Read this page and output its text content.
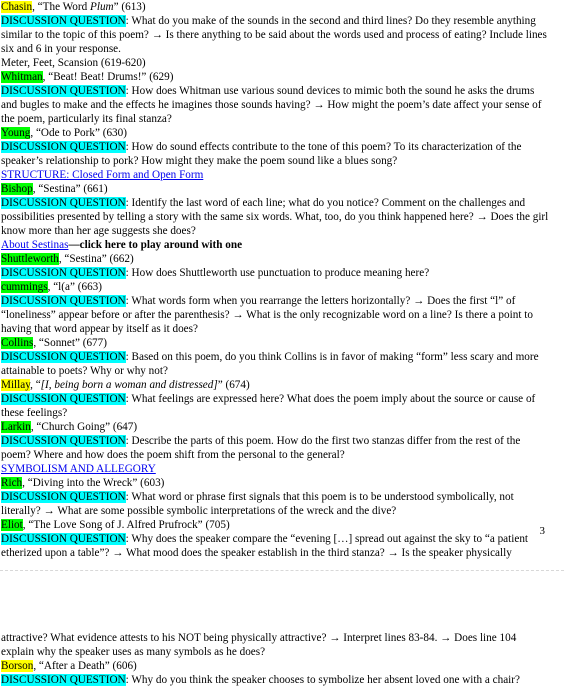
Chasin, “The Word Plum” (613)
DISCUSSION QUESTION: What do you make of the sounds in the second and third lines? Do they resemble anything similar to the topic of this poem? → Is there anything to be said about the words used and process of eating? Include lines six and 6 in your response.
Meter, Feet, Scansion (619-620)
Whitman, “Beat! Beat! Drums!” (629)
DISCUSSION QUESTION: How does Whitman use various sound devices to mimic both the sound he asks the drums and bugles to make and the effects he imagines those sounds having? → How might the poem’s date affect your sense of the poem, particularly its final stanza?
Young, “Ode to Pork” (630)
DISCUSSION QUESTION: How do sound effects contribute to the tone of this poem? To its characterization of the speaker’s relationship to pork? How might they make the poem sound like a blues song?
STRUCTURE: Closed Form and Open Form
Bishop, “Sestina” (661)
DISCUSSION QUESTION: Identify the last word of each line; what do you notice? Comment on the challenges and possibilities presented by telling a story with the same six words. What, too, do you think happened here? → Does the girl know more than her age suggests she does?
About Sestinas—click here to play around with one
Shuttleworth, “Sestina” (662)
DISCUSSION QUESTION: How does Shuttleworth use punctuation to produce meaning here?
cummings, “l(a” (663)
DISCUSSION QUESTION: What words form when you rearrange the letters horizontally? → Does the first “l” of “loneliness” appear before or after the parenthesis? → What is the only recognizable word on a line? Is there a point to having that word appear by itself as it does?
Collins, “Sonnet” (677)
DISCUSSION QUESTION: Based on this poem, do you think Collins is in favor of making “form” less scary and more attainable to poets? Why or why not?
Millay, “[I, being born a woman and distressed]” (674)
DISCUSSION QUESTION: What feelings are expressed here? What does the poem imply about the source or cause of these feelings?
Larkin, “Church Going” (647)
DISCUSSION QUESTION: Describe the parts of this poem. How do the first two stanzas differ from the rest of the poem? Where and how does the poem shift from the personal to the general?
SYMBOLISM AND ALLEGORY
Rich, “Diving into the Wreck” (603)
DISCUSSION QUESTION: What word or phrase first signals that this poem is to be understood symbolically, not literally? → What are some possible symbolic interpretations of the wreck and the dive?
Eliot, “The Love Song of J. Alfred Prufrock” (705)
DISCUSSION QUESTION: Why does the speaker compare the “evening […] spread out against the sky to “a patient etherized upon a table”? → What mood does the speaker establish in the third stanza? → Is the speaker physically
3
attractive? What evidence attests to his NOT being physically attractive? → Interpret lines 83-84. → Does line 104 explain why the speaker uses as many symbols as he does?
Borson, “After a Death” (606)
DISCUSSION QUESTION: Why do you think the speaker chooses to symbolize her absent loved one with a chair?
